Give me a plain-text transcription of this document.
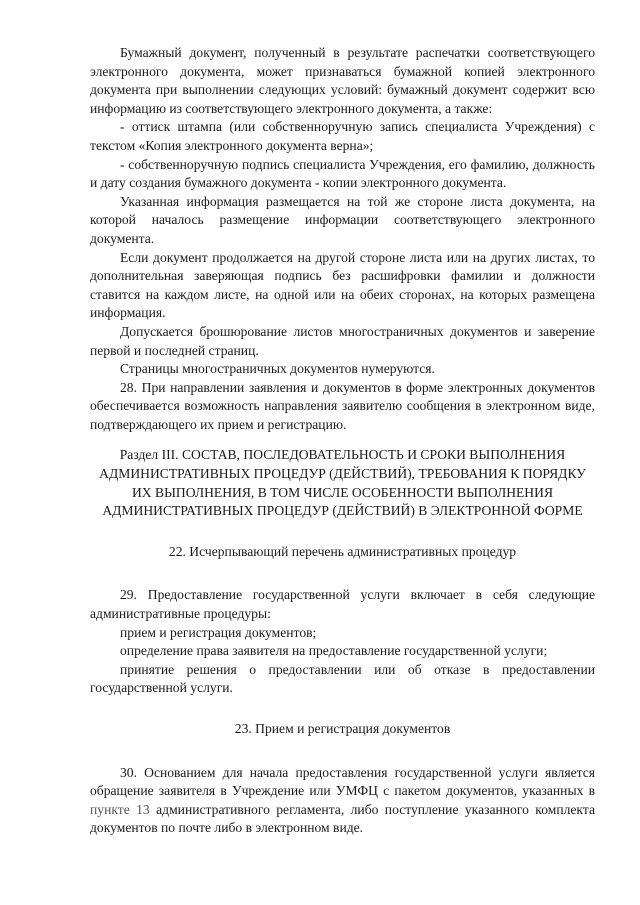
Бумажный документ, полученный в результате распечатки соответствующего электронного документа, может признаваться бумажной копией электронного документа при выполнении следующих условий: бумажный документ содержит всю информацию из соответствующего электронного документа, а также:

- оттиск штампа (или собственноручную запись специалиста Учреждения) с текстом «Копия электронного документа верна»;

- собственноручную подпись специалиста Учреждения, его фамилию, должность и дату создания бумажного документа - копии электронного документа.

Указанная информация размещается на той же стороне листа документа, на которой началось размещение информации соответствующего электронного документа.

Если документ продолжается на другой стороне листа или на других листах, то дополнительная заверяющая подпись без расшифровки фамилии и должности ставится на каждом листе, на одной или на обеих сторонах, на которых размещена информация.

Допускается брошюрование листов многостраничных документов и заверение первой и последней страниц.

Страницы многостраничных документов нумеруются.

28. При направлении заявления и документов в форме электронных документов обеспечивается возможность направления заявителю сообщения в электронном виде, подтверждающего их прием и регистрацию.

Раздел III. СОСТАВ, ПОСЛЕДОВАТЕЛЬНОСТЬ И СРОКИ ВЫПОЛНЕНИЯ АДМИНИСТРАТИВНЫХ ПРОЦЕДУР (ДЕЙСТВИЙ), ТРЕБОВАНИЯ К ПОРЯДКУ ИХ ВЫПОЛНЕНИЯ, В ТОМ ЧИСЛЕ ОСОБЕННОСТИ ВЫПОЛНЕНИЯ АДМИНИСТРАТИВНЫХ ПРОЦЕДУР (ДЕЙСТВИЙ) В ЭЛЕКТРОННОЙ ФОРМЕ

22. Исчерпывающий перечень административных процедур

29. Предоставление государственной услуги включает в себя следующие административные процедуры:

прием и регистрация документов;

определение права заявителя на предоставление государственной услуги;

принятие решения о предоставлении или об отказе в предоставлении государственной услуги.

23. Прием и регистрация документов

30. Основанием для начала предоставления государственной услуги является обращение заявителя в Учреждение или УМФЦ с пакетом документов, указанных в пункте 13 административного регламента, либо поступление указанного комплекта документов по почте либо в электронном виде.
